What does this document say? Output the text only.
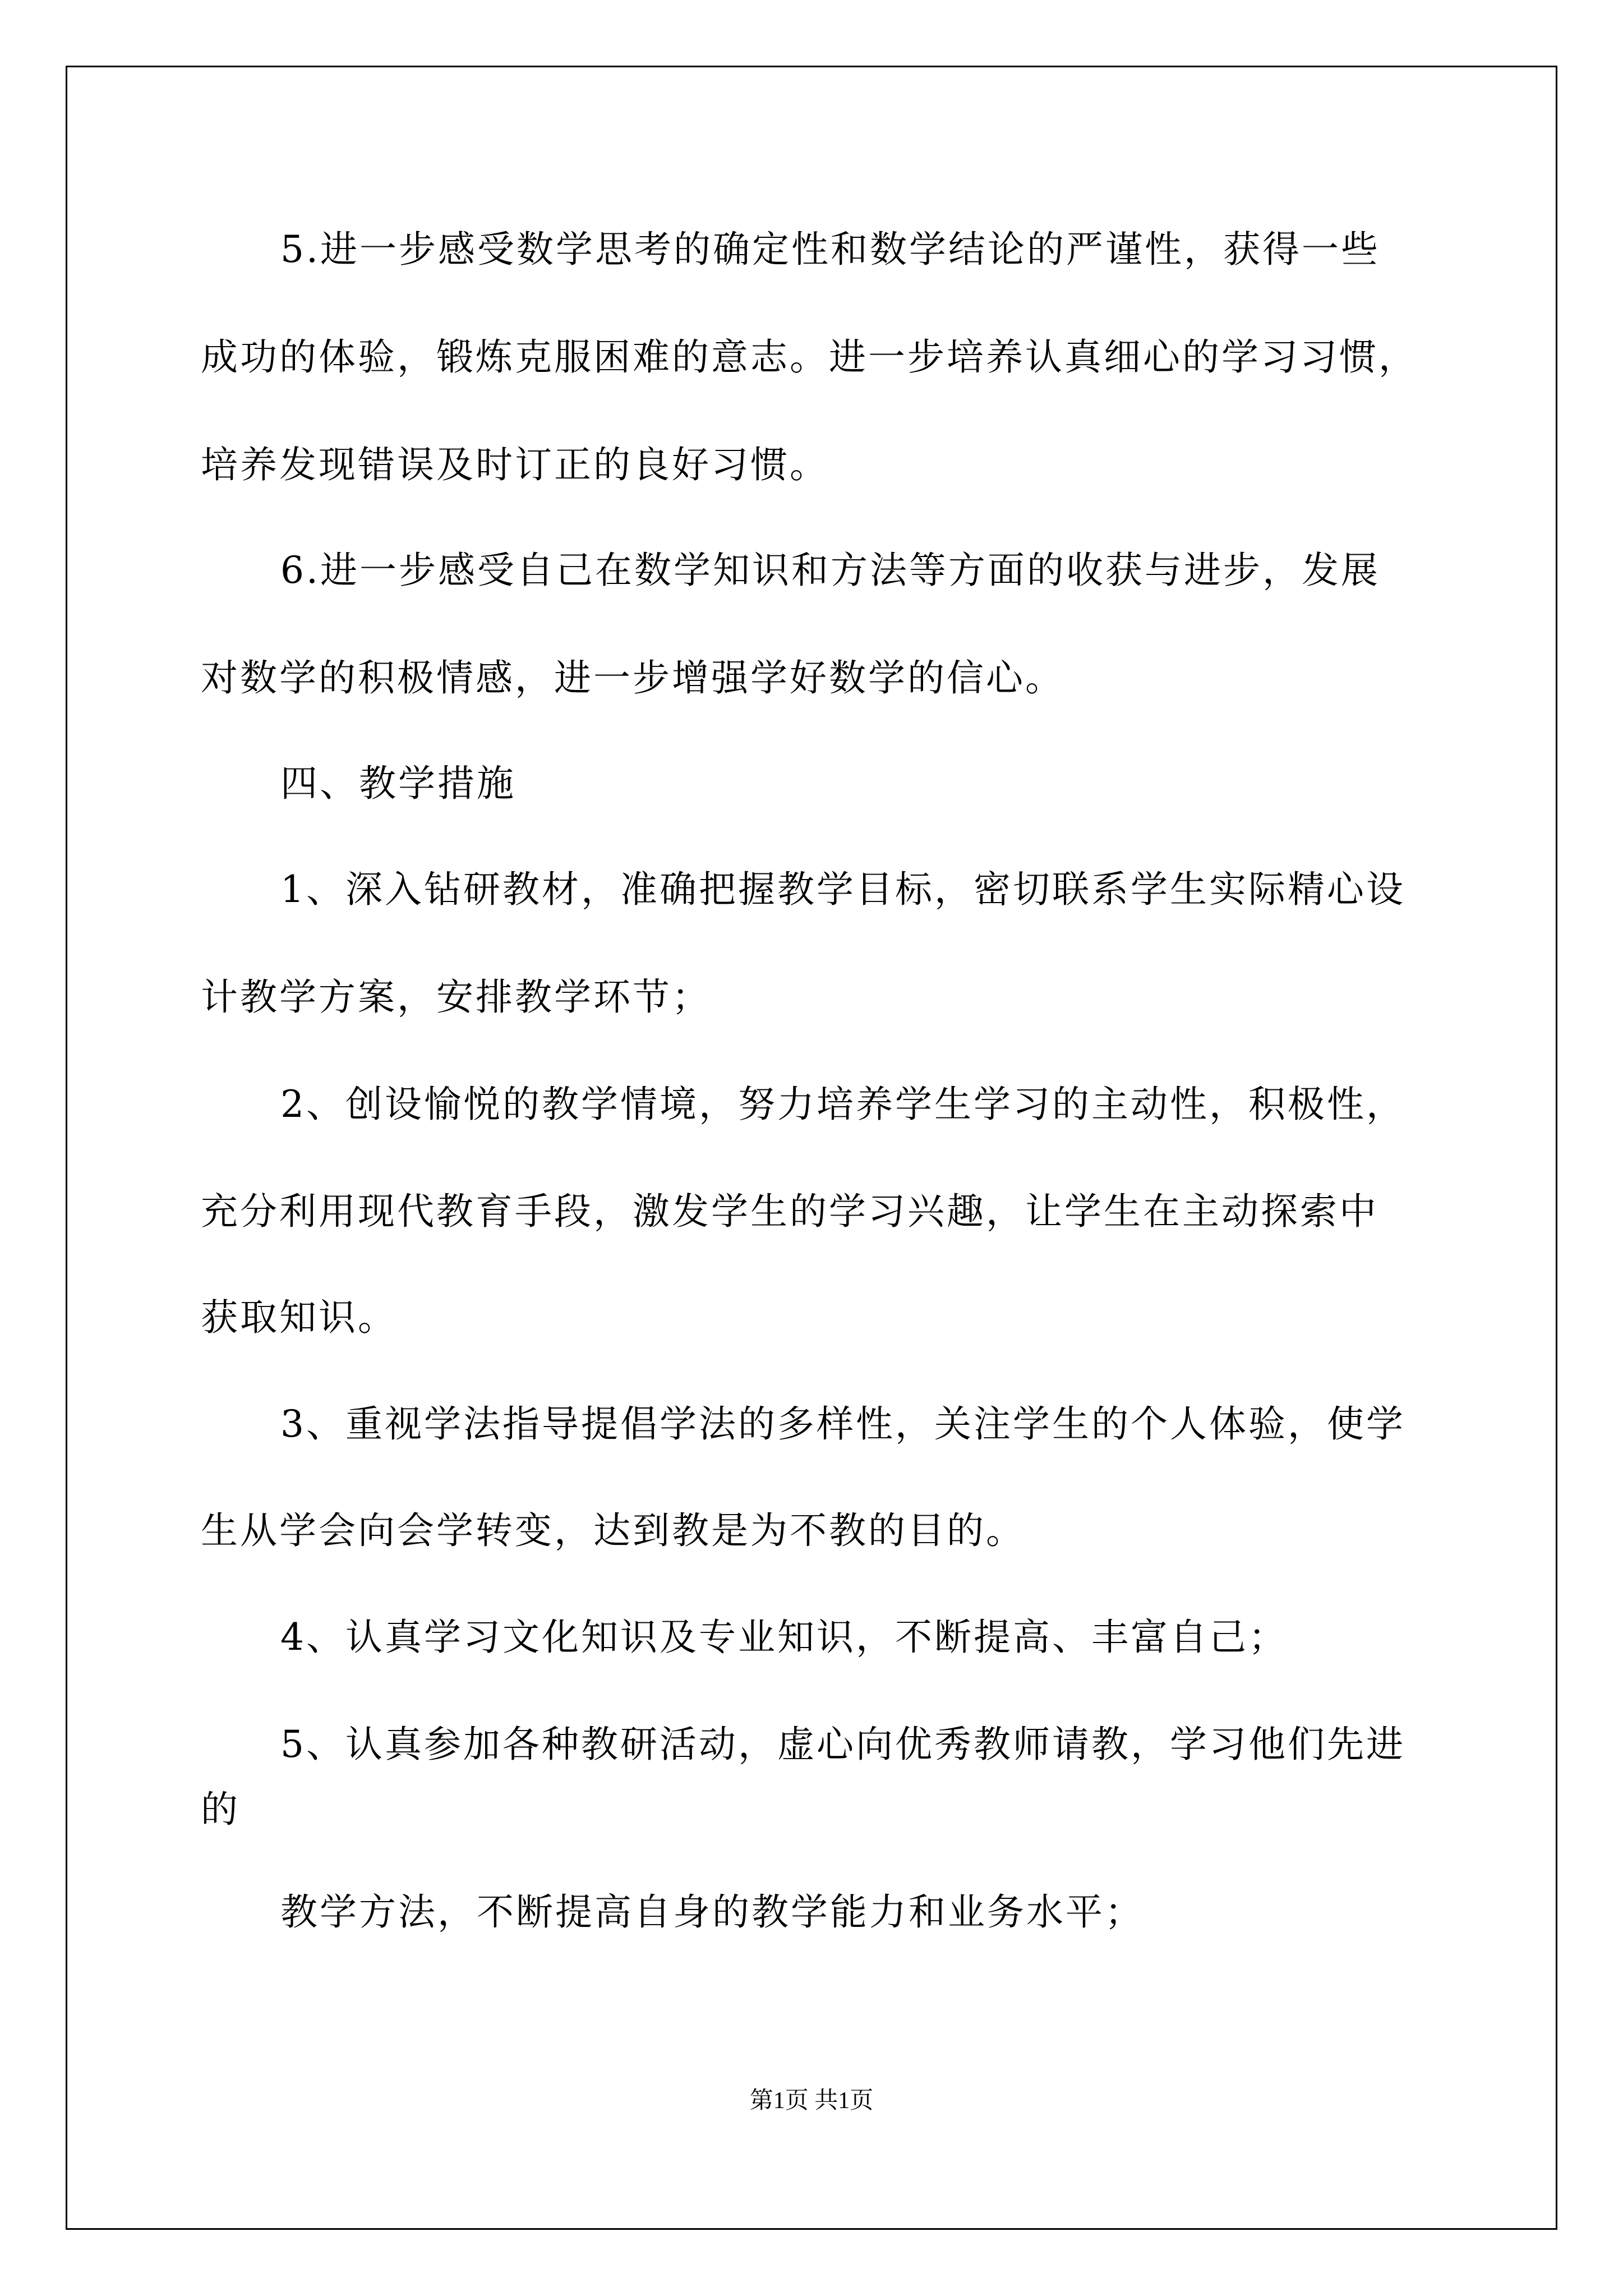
5.进一步感受数学思考的确定性和数学结论的严谨性，获得一些
成功的体验，锻炼克服困难的意志。进一步培养认真细心的学习习惯，
培养发现错误及时订正的良好习惯。
6.进一步感受自己在数学知识和方法等方面的收获与进步，发展
对数学的积极情感，进一步增强学好数学的信心。
四、教学措施
1、深入钻研教材，准确把握教学目标，密切联系学生实际精心设
计教学方案，安排教学环节；
2、创设愉悦的教学情境，努力培养学生学习的主动性，积极性，
充分利用现代教育手段，激发学生的学习兴趣，让学生在主动探索中
获取知识。
3、重视学法指导提倡学法的多样性，关注学生的个人体验，使学
生从学会向会学转变，达到教是为不教的目的。
4、认真学习文化知识及专业知识，不断提高、丰富自己；
5、认真参加各种教研活动，虚心向优秀教师请教，学习他们先进
的
教学方法，不断提高自身的教学能力和业务水平；
第1页 共1页
